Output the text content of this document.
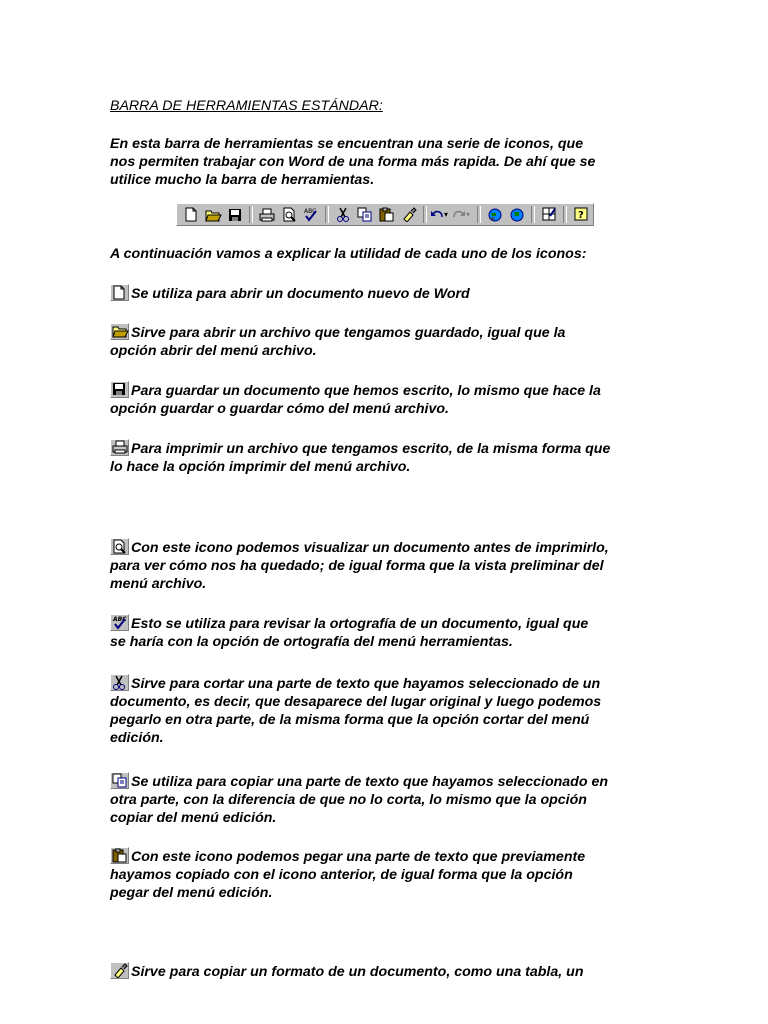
BARRA DE HERRAMIENTAS ESTÁNDAR:

En esta barra de herramientas se encuentran una serie de iconos, que
nos permiten trabajar con Word de una forma más rapida. De ahí que se
utilice mucho la barra de herramientas.
ABC	▾	▾	?

A continuación vamos a explicar la utilidad de cada uno de los iconos:

Se utiliza para abrir un documento nuevo de Word
Sirve para abrir un archivo que tengamos guardado, igual que la
opción abrir del menú archivo.
Para guardar un documento que hemos escrito, lo mismo que hace la
opción guardar o guardar cómo del menú archivo.
Para imprimir un archivo que tengamos escrito, de la misma forma que
lo hace la opción imprimir del menú archivo.
Con este icono podemos visualizar un documento antes de imprimirlo,
para ver cómo nos ha quedado; de igual forma que la vista preliminar del
menú archivo.
ABC Esto se utiliza para revisar la ortografía de un documento, igual que
se haría con la opción de ortografía del menú herramientas.
Sirve para cortar una parte de texto que hayamos seleccionado de un
documento, es decir, que desaparece del lugar original y luego podemos
pegarlo en otra parte, de la misma forma que la opción cortar del menú
edición.
Se utiliza para copiar una parte de texto que hayamos seleccionado en
otra parte, con la diferencia de que no lo corta, lo mismo que la opción
copiar del menú edición.
Con este icono podemos pegar una parte de texto que previamente
hayamos copiado con el icono anterior, de igual forma que la opción
pegar del menú edición.
Sirve para copiar un formato de un documento, como una tabla, un
